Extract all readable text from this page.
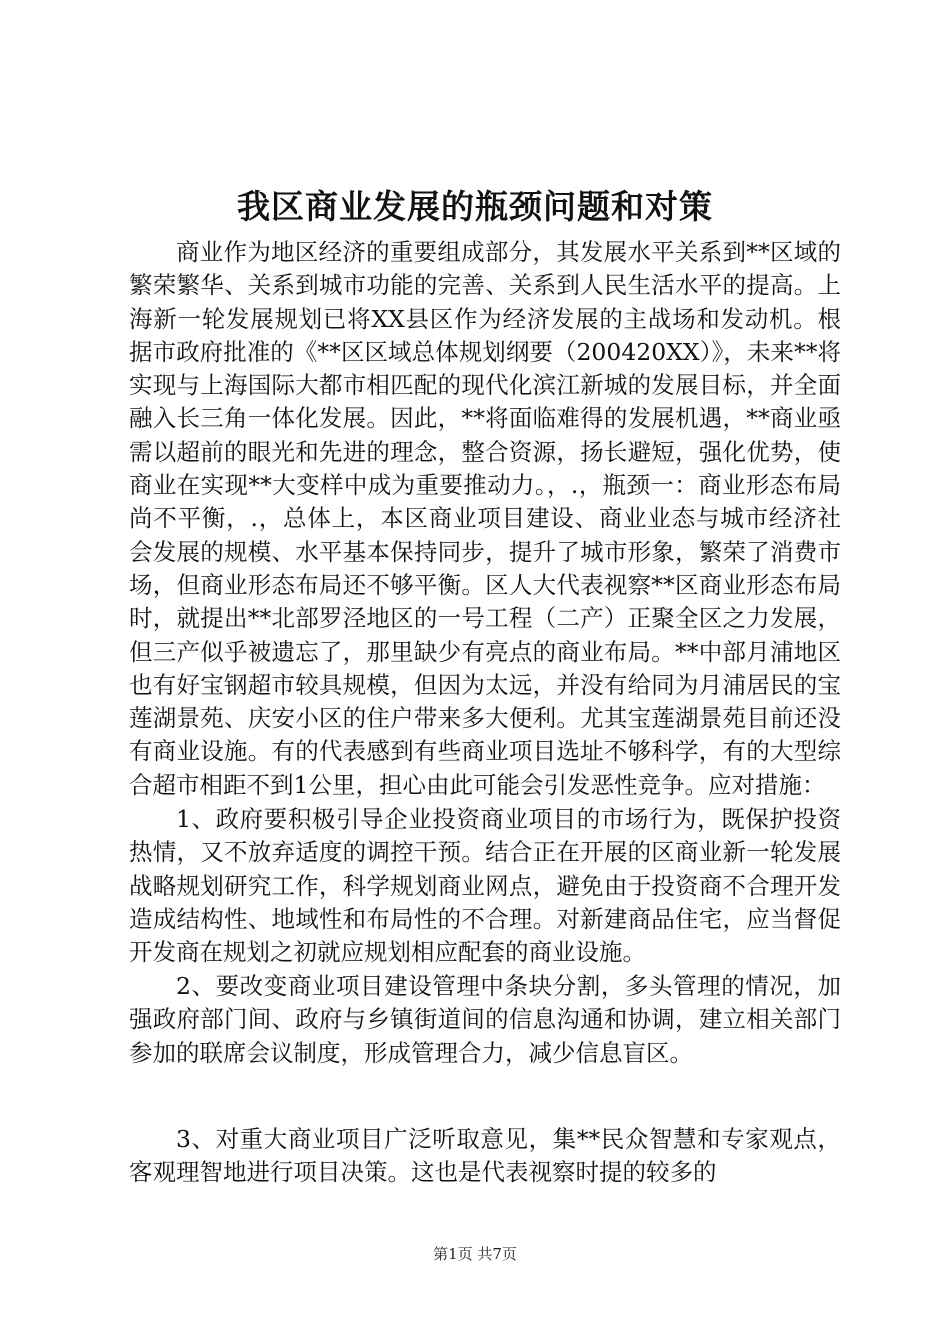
我区商业发展的瓶颈问题和对策

商业作为地区经济的重要组成部分，其发展水平关系到**区域的繁荣繁华、关系到城市功能的完善、关系到人民生活水平的提高。上海新一轮发展规划已将XX县区作为经济发展的主战场和发动机。根据市政府批准的《**区区域总体规划纲要（200420XX）》，未来**将实现与上海国际大都市相匹配的现代化滨江新城的发展目标，并全面融入长三角一体化发展。因此，**将面临难得的发展机遇，**商业亟需以超前的眼光和先进的理念，整合资源，扬长避短，强化优势，使商业在实现**大变样中成为重要推动力。，.，瓶颈一：商业形态布局尚不平衡，.，总体上，本区商业项目建设、商业业态与城市经济社会发展的规模、水平基本保持同步，提升了城市形象，繁荣了消费市场，但商业形态布局还不够平衡。区人大代表视察**区商业形态布局时，就提出**北部罗泾地区的一号工程（二产）正聚全区之力发展，但三产似乎被遗忘了，那里缺少有亮点的商业布局。**中部月浦地区也有好宝钢超市较具规模，但因为太远，并没有给同为月浦居民的宝莲湖景苑、庆安小区的住户带来多大便利。尤其宝莲湖景苑目前还没有商业设施。有的代表感到有些商业项目选址不够科学，有的大型综合超市相距不到1公里，担心由此可能会引发恶性竞争。应对措施：

1、政府要积极引导企业投资商业项目的市场行为，既保护投资热情，又不放弃适度的调控干预。结合正在开展的区商业新一轮发展战略规划研究工作，科学规划商业网点，避免由于投资商不合理开发造成结构性、地域性和布局性的不合理。对新建商品住宅，应当督促开发商在规划之初就应规划相应配套的商业设施。

2、要改变商业项目建设管理中条块分割，多头管理的情况，加强政府部门间、政府与乡镇街道间的信息沟通和协调，建立相关部门参加的联席会议制度，形成管理合力，减少信息盲区。

3、对重大商业项目广泛听取意见，集**民众智慧和专家观点，客观理智地进行项目决策。这也是代表视察时提的较多的

第1页 共7页
